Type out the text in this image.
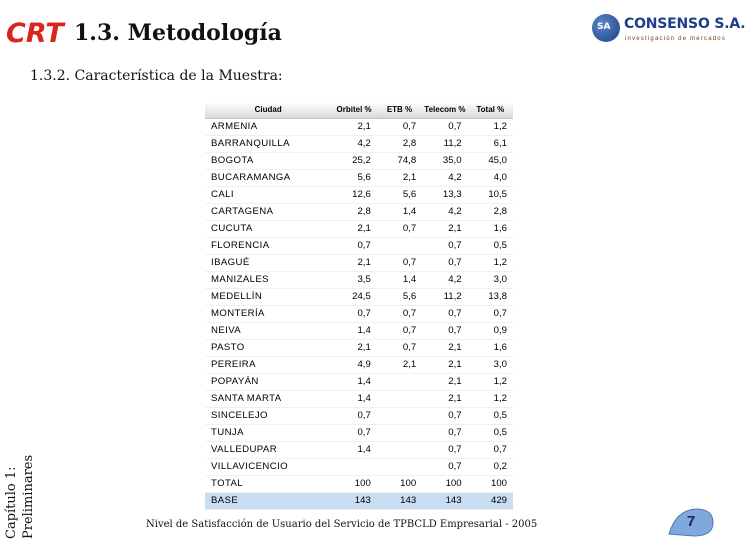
CRT 1.3. Metodología
1.3.2. Característica de la Muestra:
SA CONSENSO S.A.
investigación de mercados
Capítulo 1: Preliminares
Ciudad	Orbitel %	ETB %	Telecom %	Total %
ARMENIA	2,1	0,7	0,7	1,2
BARRANQUILLA	4,2	2,8	11,2	6,1
BOGOTA	25,2	74,8	35,0	45,0
BUCARAMANGA	5,6	2,1	4,2	4,0
CALI	12,6	5,6	13,3	10,5
CARTAGENA	2,8	1,4	4,2	2,8
CUCUTA	2,1	0,7	2,1	1,6
FLORENCIA	0,7		0,7	0,5
IBAGUÉ	2,1	0,7	0,7	1,2
MANIZALES	3,5	1,4	4,2	3,0
MEDELLÍN	24,5	5,6	11,2	13,8
MONTERÍA	0,7	0,7	0,7	0,7
NEIVA	1,4	0,7	0,7	0,9
PASTO	2,1	0,7	2,1	1,6
PEREIRA	4,9	2,1	2,1	3,0
POPAYÁN	1,4		2,1	1,2
SANTA MARTA	1,4		2,1	1,2
SINCELEJO	0,7		0,7	0,5
TUNJA	0,7		0,7	0,5
VALLEDUPAR	1,4		0,7	0,7
VILLAVICENCIO			0,7	0,2
TOTAL	100	100	100	100
BASE	143	143	143	429
Nivel de Satisfacción de Usuario del Servicio de TPBCLD Empresarial - 2005	7
